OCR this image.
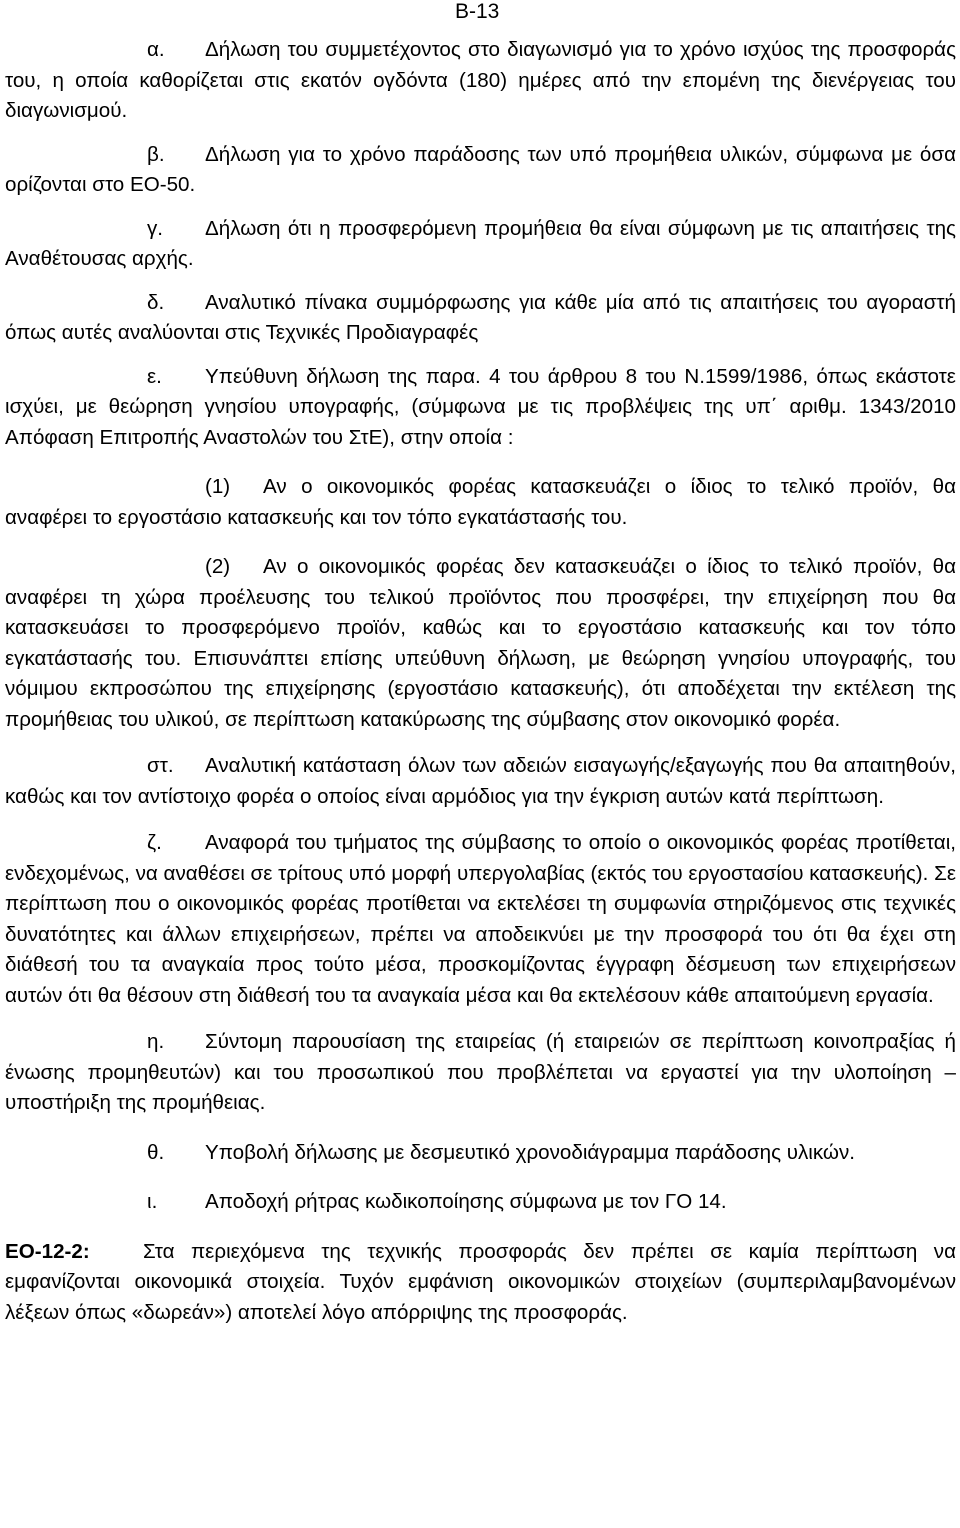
Β-13

α. Δήλωση του συμμετέχοντος στο διαγωνισμό για το χρόνο ισχύος της προσφοράς του, η οποία καθορίζεται στις εκατόν ογδόντα (180) ημέρες από την επομένη της διενέργειας του διαγωνισμού.

β. Δήλωση για το χρόνο παράδοσης των υπό προμήθεια υλικών, σύμφωνα με όσα ορίζονται στο ΕΟ-50.

γ. Δήλωση ότι η προσφερόμενη προμήθεια θα είναι σύμφωνη με τις απαιτήσεις της Αναθέτουσας αρχής.

δ. Αναλυτικό πίνακα συμμόρφωσης για κάθε μία από τις απαιτήσεις του αγοραστή όπως αυτές αναλύονται στις Τεχνικές Προδιαγραφές

ε. Υπεύθυνη δήλωση της παρα. 4 του άρθρου 8 του Ν.1599/1986, όπως εκάστοτε ισχύει, με θεώρηση γνησίου υπογραφής, (σύμφωνα με τις προβλέψεις της υπ΄ αριθμ. 1343/2010 Απόφαση Επιτροπής Αναστολών του ΣτΕ), στην οποία :

(1) Αν ο οικονομικός φορέας κατασκευάζει ο ίδιος το τελικό προϊόν, θα αναφέρει το εργοστάσιο κατασκευής και τον τόπο εγκατάστασής του.

(2) Αν ο οικονομικός φορέας δεν κατασκευάζει ο ίδιος το τελικό προϊόν, θα αναφέρει τη χώρα προέλευσης του τελικού προϊόντος που προσφέρει, την επιχείρηση που θα κατασκευάσει το προσφερόμενο προϊόν, καθώς και το εργοστάσιο κατασκευής και τον τόπο εγκατάστασής του. Επισυνάπτει επίσης υπεύθυνη δήλωση, με θεώρηση γνησίου υπογραφής, του νόμιμου εκπροσώπου της επιχείρησης (εργοστάσιο κατασκευής), ότι αποδέχεται την εκτέλεση της προμήθειας του υλικού, σε περίπτωση κατακύρωσης της σύμβασης στον οικονομικό φορέα.

στ. Αναλυτική κατάσταση όλων των αδειών εισαγωγής/εξαγωγής που θα απαιτηθούν, καθώς και τον αντίστοιχο φορέα ο οποίος είναι αρμόδιος για την έγκριση αυτών κατά περίπτωση.

ζ. Αναφορά του τμήματος της σύμβασης το οποίο ο οικονομικός φορέας προτίθεται, ενδεχομένως, να αναθέσει σε τρίτους υπό μορφή υπεργολαβίας (εκτός του εργοστασίου κατασκευής). Σε περίπτωση που ο οικονομικός φορέας προτίθεται να εκτελέσει τη συμφωνία στηριζόμενος στις τεχνικές δυνατότητες και άλλων επιχειρήσεων, πρέπει να αποδεικνύει με την προσφορά του ότι θα έχει στη διάθεσή του τα αναγκαία προς τούτο μέσα, προσκομίζοντας έγγραφη δέσμευση των επιχειρήσεων αυτών ότι θα θέσουν στη διάθεσή του τα αναγκαία μέσα και θα εκτελέσουν κάθε απαιτούμενη εργασία.

η. Σύντομη παρουσίαση της εταιρείας (ή εταιρειών σε περίπτωση κοινοπραξίας ή ένωσης προμηθευτών) και του προσωπικού που προβλέπεται να εργαστεί για την υλοποίηση – υποστήριξη της προμήθειας.

θ. Υποβολή δήλωσης με δεσμευτικό χρονοδιάγραμμα παράδοσης υλικών.

ι. Αποδοχή ρήτρας κωδικοποίησης σύμφωνα με τον ΓΟ 14.

ΕΟ-12-2:	Στα περιεχόμενα της τεχνικής προσφοράς δεν πρέπει σε καμία περίπτωση να εμφανίζονται οικονομικά στοιχεία. Τυχόν εμφάνιση οικονομικών στοιχείων (συμπεριλαμβανομένων λέξεων όπως «δωρεάν») αποτελεί λόγο απόρριψης της προσφοράς.
